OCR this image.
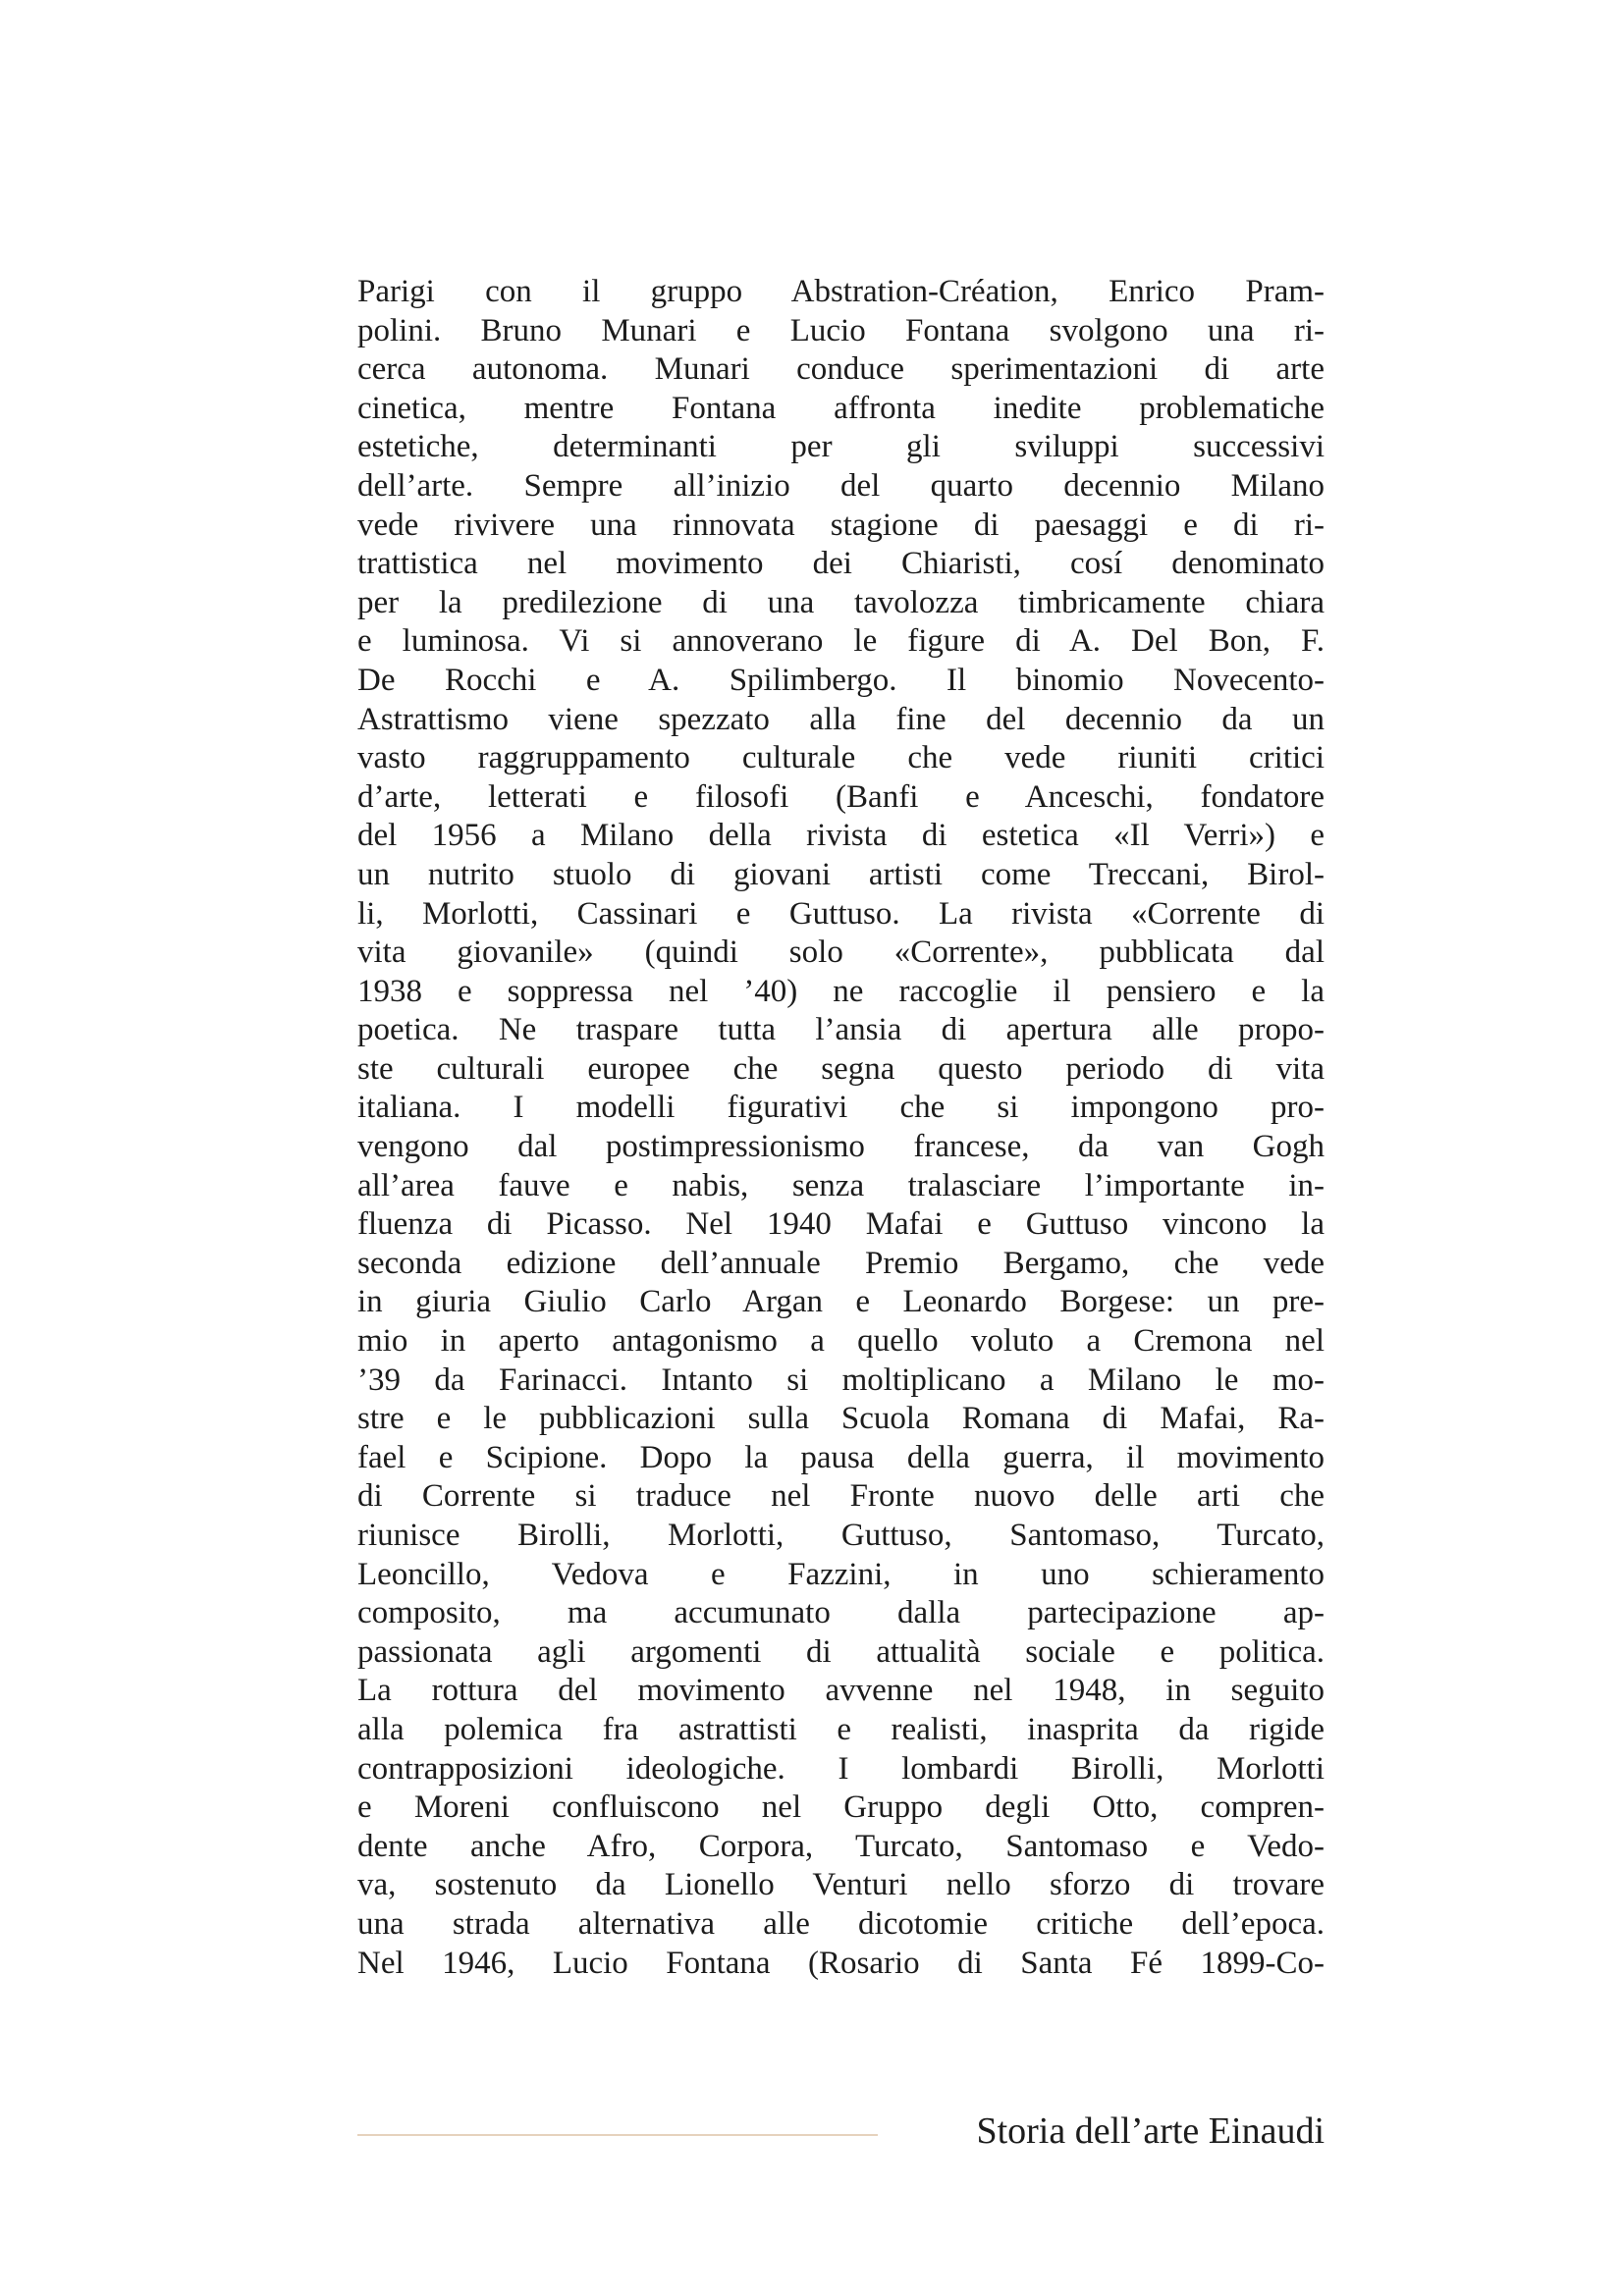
Parigi con il gruppo Abstration-Création, Enrico Pram-
polini. Bruno Munari e Lucio Fontana svolgono una ri-
cerca autonoma. Munari conduce sperimentazioni di arte
cinetica, mentre Fontana affronta inedite problematiche
estetiche, determinanti per gli sviluppi successivi
dell’arte. Sempre all’inizio del quarto decennio Milano
vede rivivere una rinnovata stagione di paesaggi e di ri-
trattistica nel movimento dei Chiaristi, cosí denominato
per la predilezione di una tavolozza timbricamente chiara
e luminosa. Vi si annoverano le figure di A. Del Bon, F.
De Rocchi e A. Spilimbergo. Il binomio Novecento-
Astrattismo viene spezzato alla fine del decennio da un
vasto raggruppamento culturale che vede riuniti critici
d’arte, letterati e filosofi (Banfi e Anceschi, fondatore
del 1956 a Milano della rivista di estetica «Il Verri») e
un nutrito stuolo di giovani artisti come Treccani, Birol-
li, Morlotti, Cassinari e Guttuso. La rivista «Corrente di
vita giovanile» (quindi solo «Corrente», pubblicata dal
1938 e soppressa nel ’40) ne raccoglie il pensiero e la
poetica. Ne traspare tutta l’ansia di apertura alle propo-
ste culturali europee che segna questo periodo di vita
italiana. I modelli figurativi che si impongono pro-
vengono dal postimpressionismo francese, da van Gogh
all’area fauve e nabis, senza tralasciare l’importante in-
fluenza di Picasso. Nel 1940 Mafai e Guttuso vincono la
seconda edizione dell’annuale Premio Bergamo, che vede
in giuria Giulio Carlo Argan e Leonardo Borgese: un pre-
mio in aperto antagonismo a quello voluto a Cremona nel
’39 da Farinacci. Intanto si moltiplicano a Milano le mo-
stre e le pubblicazioni sulla Scuola Romana di Mafai, Ra-
fael e Scipione. Dopo la pausa della guerra, il movimento
di Corrente si traduce nel Fronte nuovo delle arti che
riunisce Birolli, Morlotti, Guttuso, Santomaso, Turcato,
Leoncillo, Vedova e Fazzini, in uno schieramento
composito, ma accumunato dalla partecipazione ap-
passionata agli argomenti di attualità sociale e politica.
La rottura del movimento avvenne nel 1948, in seguito
alla polemica fra astrattisti e realisti, inasprita da rigide
contrapposizioni ideologiche. I lombardi Birolli, Morlotti
e Moreni confluiscono nel Gruppo degli Otto, compren-
dente anche Afro, Corpora, Turcato, Santomaso e Vedo-
va, sostenuto da Lionello Venturi nello sforzo di trovare
una strada alternativa alle dicotomie critiche dell’epoca.
Nel 1946, Lucio Fontana (Rosario di Santa Fé 1899-Co-
Storia dell’arte Einaudi
